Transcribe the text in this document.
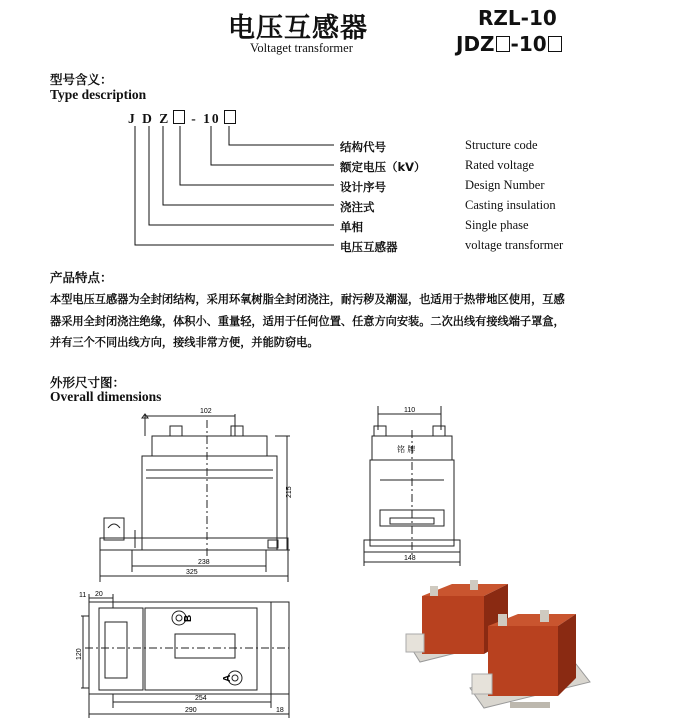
电压互感器
Voltaget transformer
RZL-10
JDZ -10
型号含义：
Type description
J D Z - 10
结构代号
额定电压（kV）
设计序号
浇注式
单相
电压互感器
Structure code
Rated voltage
Design Number
Casting insulation
Single phase
voltage transformer
产品特点：
本型电压互感器为全封闭结构，采用环氧树脂全封闭浇注，耐污秽及潮湿，也适用于热带地区使用，互感
器采用全封闭浇注绝缘，体积小、重量轻，适用于任何位置、任意方向安装。二次出线有接线端子罩盒，
并有三个不同出线方向，接线非常方便，并能防窃电。
外形尺寸图：
Overall dimensions
102
215
238
325
铭 牌
110
148
11 20
120
254
290	18
B
A
